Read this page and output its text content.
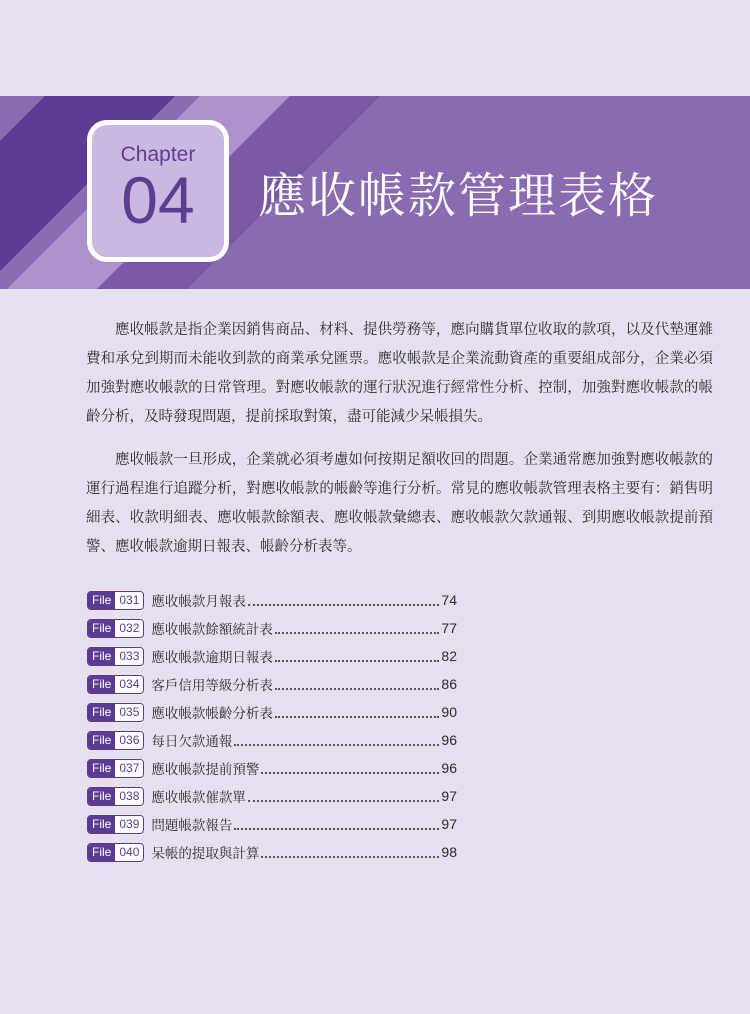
Chapter
04	應收帳款管理表格

應收帳款是指企業因銷售商品、材料、提供勞務等，應向購貨單位收取的款項，以及代墊運雜費和承兌到期而未能收到款的商業承兌匯票。應收帳款是企業流動資產的重要組成部分，企業必須加強對應收帳款的日常管理。對應收帳款的運行狀況進行經常性分析、控制，加強對應收帳款的帳齡分析，及時發現問題，提前採取對策，盡可能減少呆帳損失。

應收帳款一旦形成，企業就必須考慮如何按期足額收回的問題。企業通常應加強對應收帳款的運行過程進行追蹤分析，對應收帳款的帳齡等進行分析。常見的應收帳款管理表格主要有：銷售明細表、收款明細表、應收帳款餘額表、應收帳款彙總表、應收帳款欠款通報、到期應收帳款提前預警、應收帳款逾期日報表、帳齡分析表等。

File 031 應收帳款月報表	74
File 032 應收帳款餘額統計表	77
File 033 應收帳款逾期日報表	82
File 034 客戶信用等級分析表	86
File 035 應收帳款帳齡分析表	90
File 036 每日欠款通報	96
File 037 應收帳款提前預警	96
File 038 應收帳款催款單	97
File 039 問題帳款報告	97
File 040 呆帳的提取與計算	98
